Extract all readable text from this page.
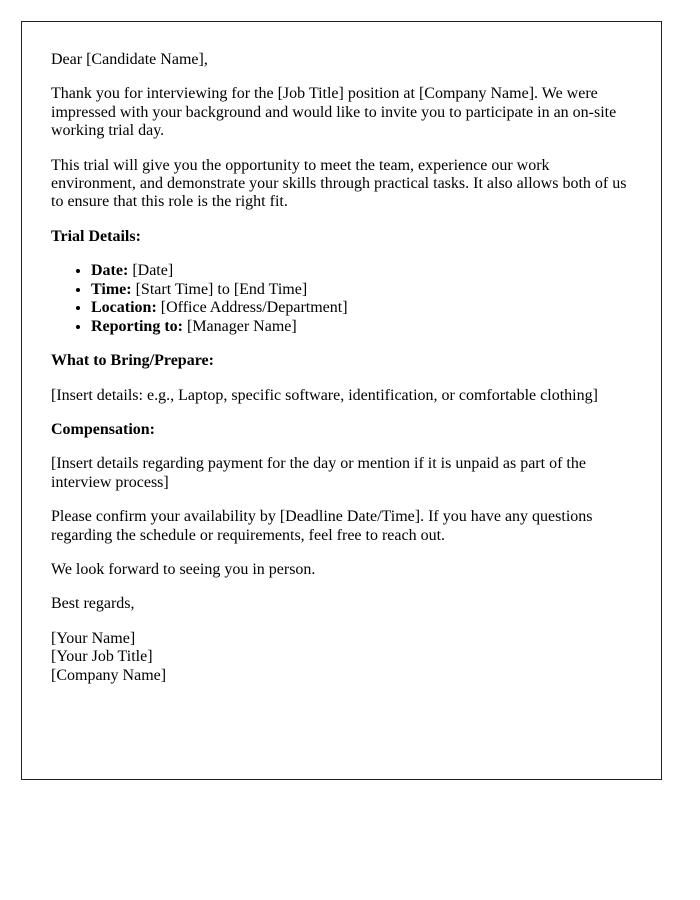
Dear [Candidate Name],

Thank you for interviewing for the [Job Title] position at [Company Name]. We were impressed with your background and would like to invite you to participate in an on-site working trial day.

This trial will give you the opportunity to meet the team, experience our work environment, and demonstrate your skills through practical tasks. It also allows both of us to ensure that this role is the right fit.

Trial Details:

• Date: [Date]
• Time: [Start Time] to [End Time]
• Location: [Office Address/Department]
• Reporting to: [Manager Name]

What to Bring/Prepare:

[Insert details: e.g., Laptop, specific software, identification, or comfortable clothing]

Compensation:

[Insert details regarding payment for the day or mention if it is unpaid as part of the interview process]

Please confirm your availability by [Deadline Date/Time]. If you have any questions regarding the schedule or requirements, feel free to reach out.

We look forward to seeing you in person.

Best regards,

[Your Name]
[Your Job Title]
[Company Name]
